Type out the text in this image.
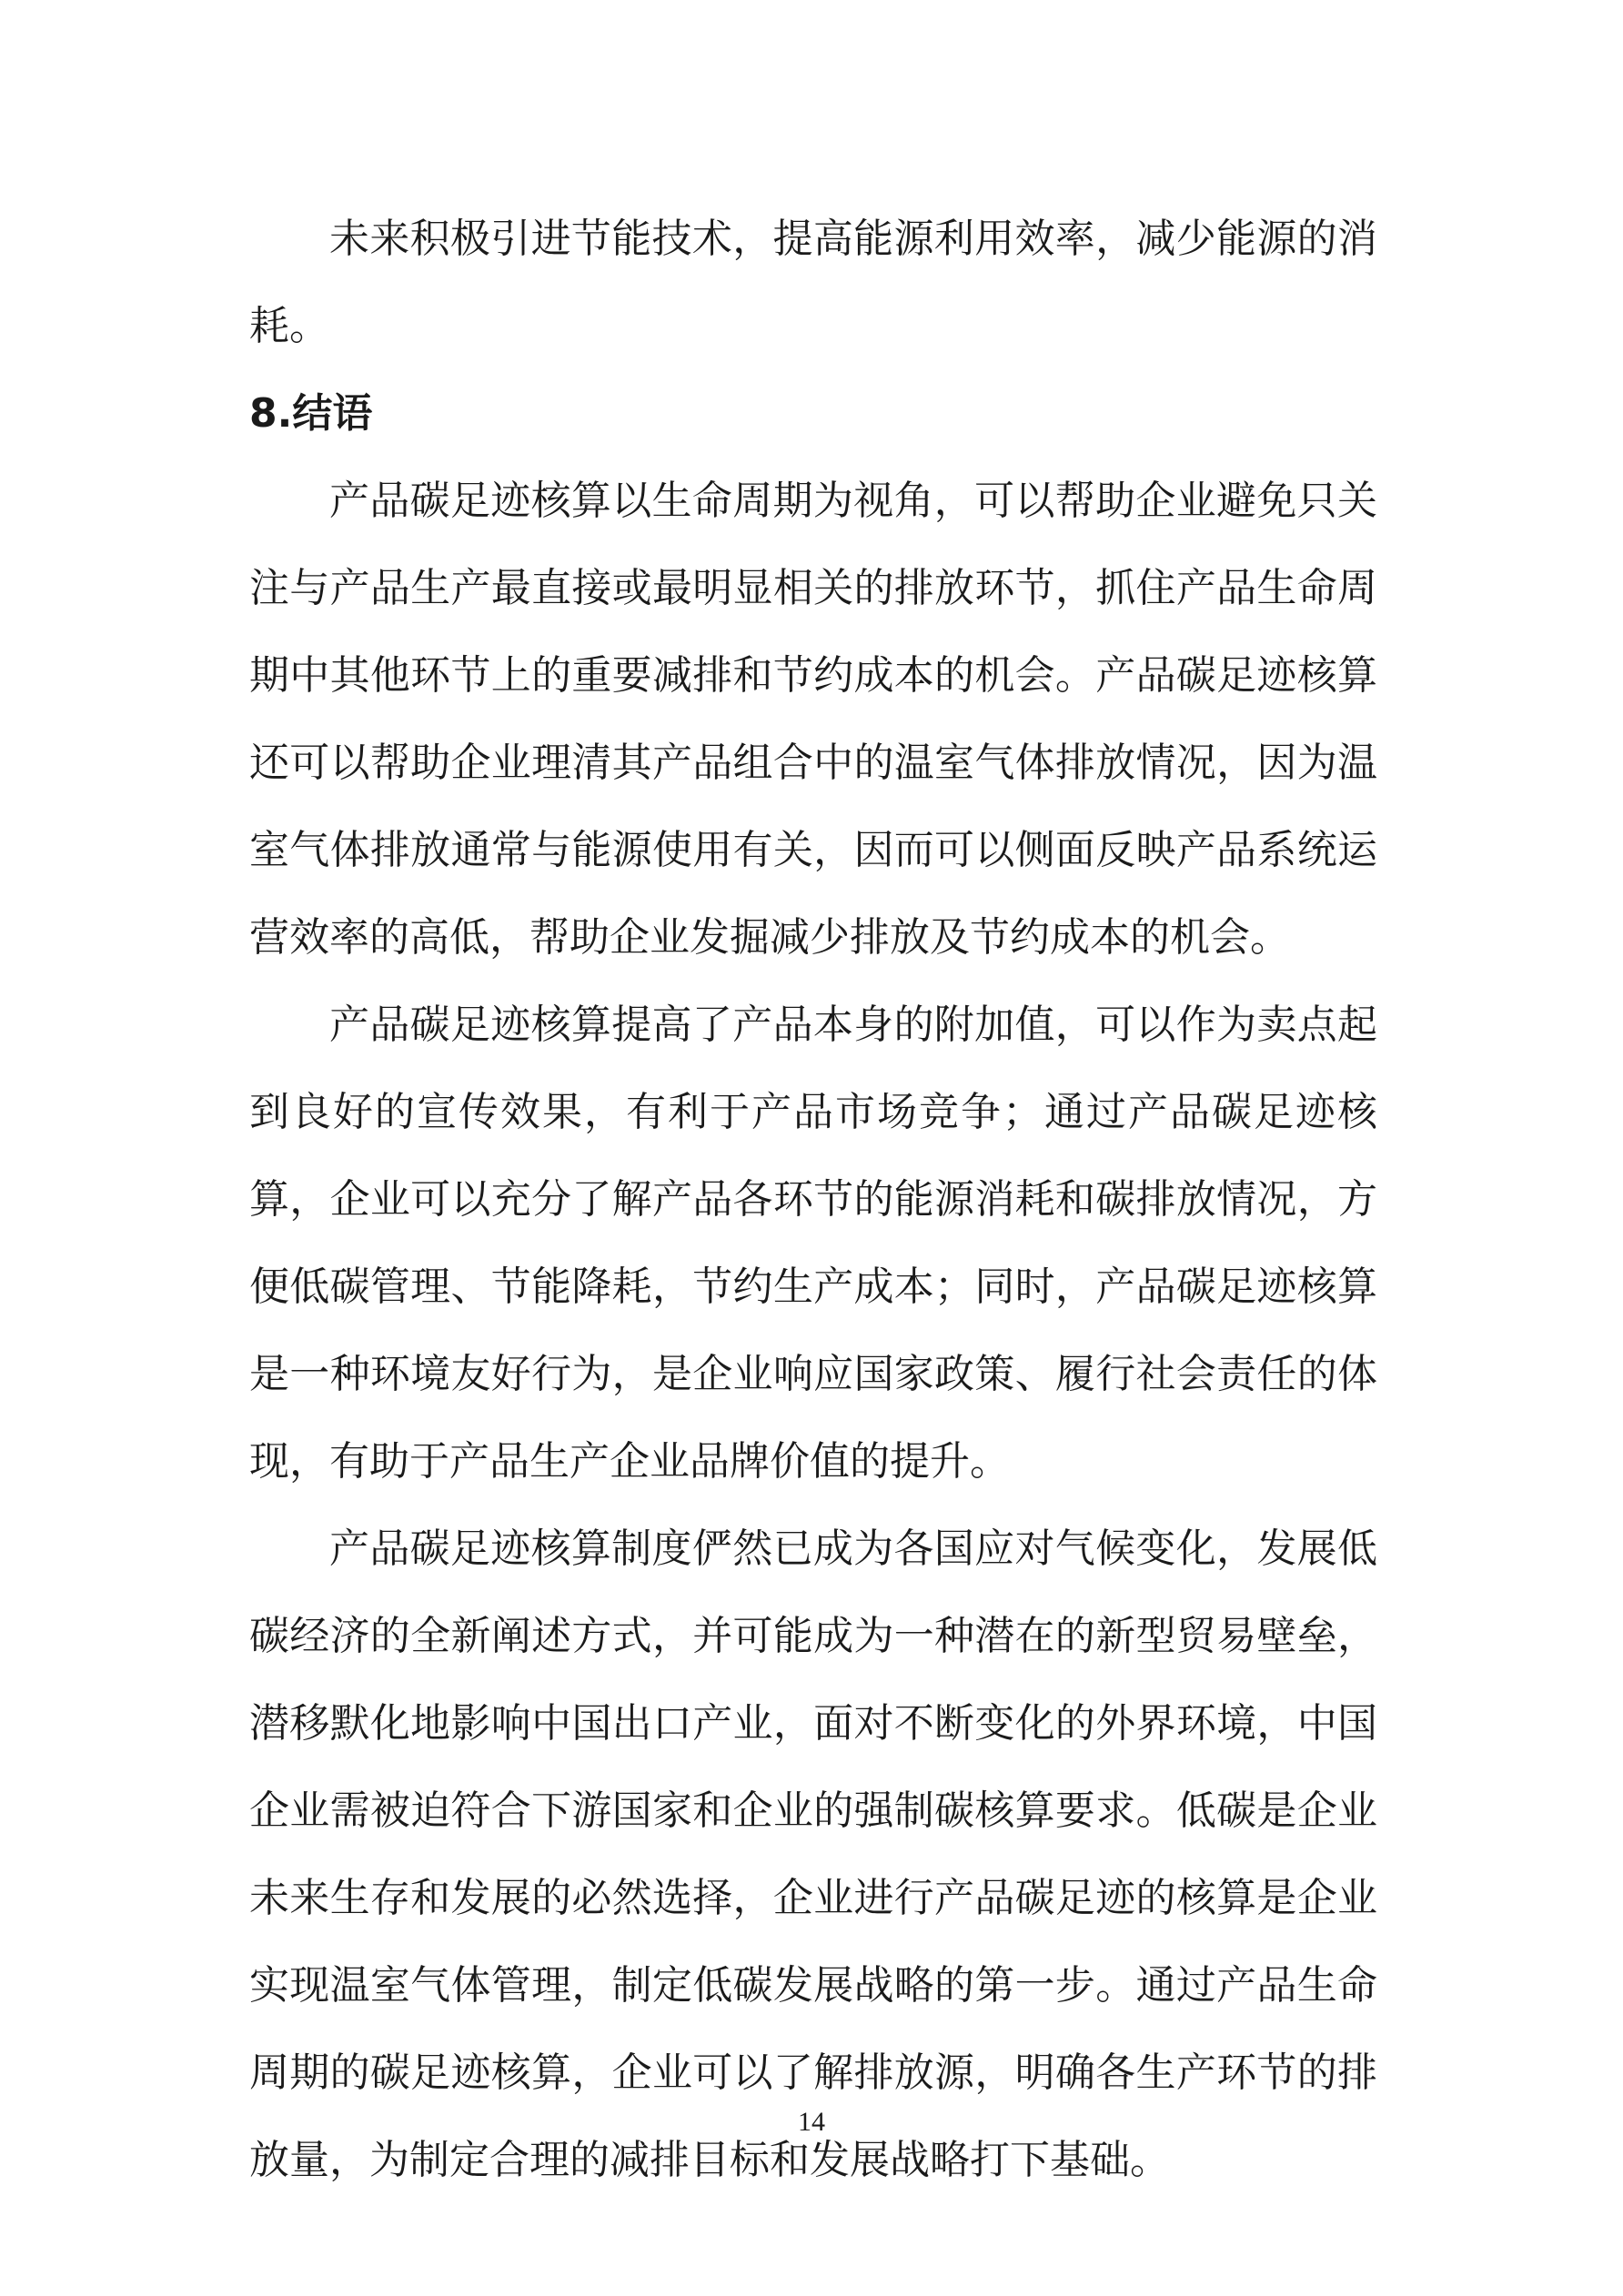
未来积极引进节能技术，提高能源利用效率，减少能源的消耗。

8.结语

产品碳足迹核算以生命周期为视角，可以帮助企业避免只关注与产品生产最直接或最明显相关的排放环节，抓住产品生命周期中其他环节上的重要减排和节约成本的机会。产品碳足迹核算还可以帮助企业理清其产品组合中的温室气体排放情况，因为温室气体排放通常与能源使用有关，因而可以侧面反映产品系统运营效率的高低，帮助企业发掘减少排放及节约成本的机会。

产品碳足迹核算提高了产品本身的附加值，可以作为卖点起到良好的宣传效果，有利于产品市场竞争；通过产品碳足迹核算，企业可以充分了解产品各环节的能源消耗和碳排放情况，方便低碳管理、节能降耗，节约生产成本；同时，产品碳足迹核算是一种环境友好行为，是企业响应国家政策、履行社会责任的体现，有助于产品生产企业品牌价值的提升。

产品碳足迹核算制度俨然已成为各国应对气候变化，发展低碳经济的全新阐述方式，并可能成为一种潜在的新型贸易壁垒，潜移默化地影响中国出口产业，面对不断变化的外界环境，中国企业需被迫符合下游国家和企业的强制碳核算要求。低碳是企业未来生存和发展的必然选择，企业进行产品碳足迹的核算是企业实现温室气体管理，制定低碳发展战略的第一步。通过产品生命周期的碳足迹核算，企业可以了解排放源，明确各生产环节的排放量，为制定合理的减排目标和发展战略打下基础。

14
